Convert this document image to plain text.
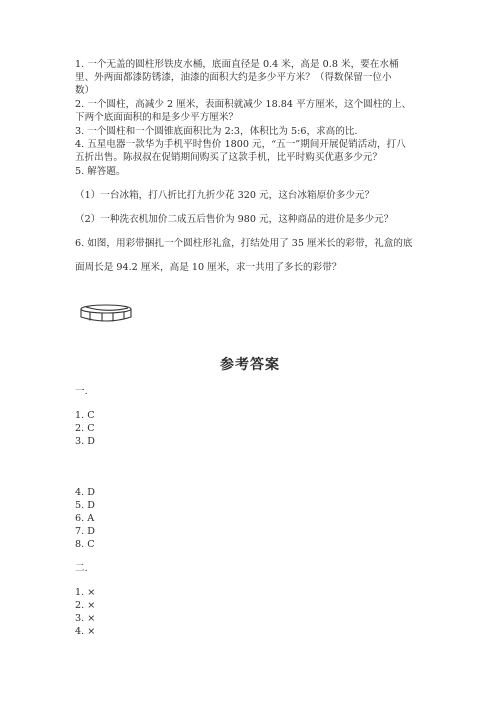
1. 一个无盖的圆柱形铁皮水桶，底面直径是 0.4 米，高是 0.8 米，要在水桶
里、外两面都漆防锈漆，油漆的面积大约是多少平方米？（得数保留一位小
数）
2. 一个圆柱，高减少 2 厘米，表面积就减少 18.84 平方厘米，这个圆柱的上、
下两个底面面积的和是多少平方厘米？
3. 一个圆柱和一个圆锥底面积比为 2:3，体积比为 5:6，求高的比.
4. 五星电器一款华为手机平时售价 1800 元，“五一”期间开展促销活动，打八
五折出售。陈叔叔在促销期间购买了这款手机，比平时购买优惠多少元？
5. 解答题。
（1）一台冰箱，打八折比打九折少花 320 元，这台冰箱原价多少元？
（2）一种洗衣机加价二成五后售价为 980 元，这种商品的进价是多少元？
6. 如图，用彩带捆扎一个圆柱形礼盒，打结处用了 35 厘米长的彩带，礼盒的底
面周长是 94.2 厘米，高是 10 厘米，求一共用了多长的彩带？
参考答案
一.
1. C
2. C
3. D
4. D
5. D
6. A
7. D
8. C
二.
1. ×
2. ×
3. ×
4. ×
